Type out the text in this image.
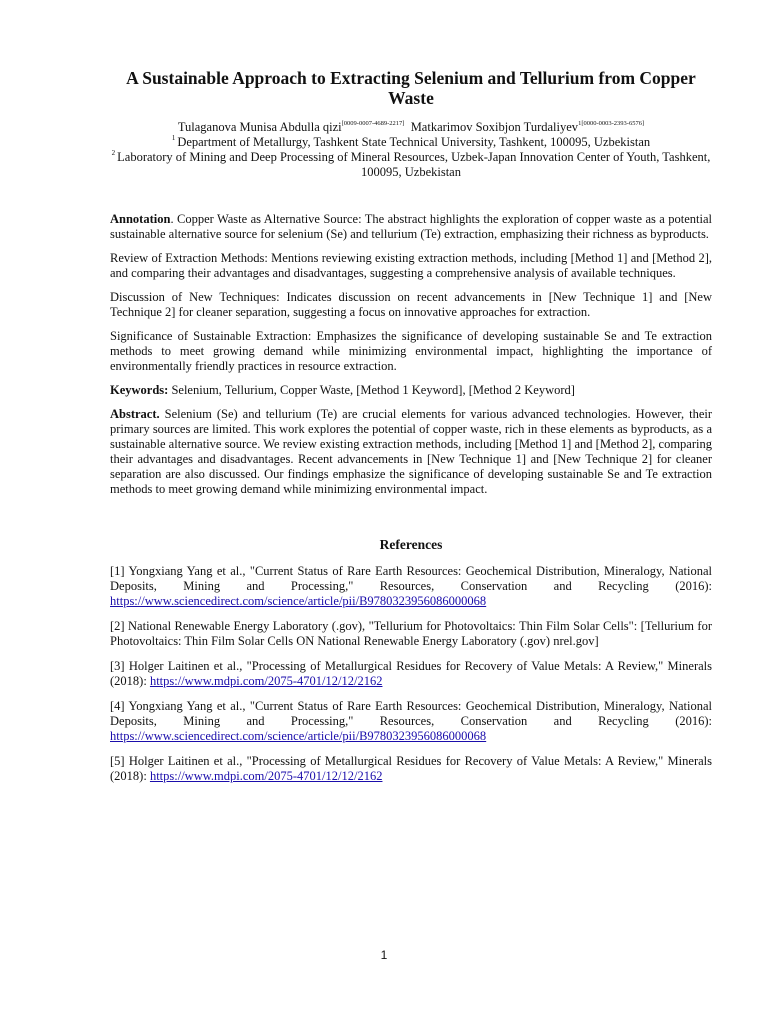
A Sustainable Approach to Extracting Selenium and Tellurium from Copper Waste
Tulaganova Munisa Abdulla qizi[0009-0007-4689-2217] Matkarimov Soxibjon Turdaliyev$^{1[0000-0003-2393-6576]}$
$^1$ Department of Metallurgy, Tashkent State Technical University, Tashkent, 100095, Uzbekistan
$^2$ Laboratory of Mining and Deep Processing of Mineral Resources, Uzbek-Japan Innovation Center of Youth, Tashkent, 100095, Uzbekistan

Annotation. Copper Waste as Alternative Source: The abstract highlights the exploration of copper waste as a potential sustainable alternative source for selenium (Se) and tellurium (Te) extraction, emphasizing their richness as byproducts.

Review of Extraction Methods: Mentions reviewing existing extraction methods, including [Method 1] and [Method 2], and comparing their advantages and disadvantages, suggesting a comprehensive analysis of available techniques.

Discussion of New Techniques: Indicates discussion on recent advancements in [New Technique 1] and [New Technique 2] for cleaner separation, suggesting a focus on innovative approaches for extraction.

Significance of Sustainable Extraction: Emphasizes the significance of developing sustainable Se and Te extraction methods to meet growing demand while minimizing environmental impact, highlighting the importance of environmentally friendly practices in resource extraction.

Keywords: Selenium, Tellurium, Copper Waste, [Method 1 Keyword], [Method 2 Keyword]

Abstract. Selenium (Se) and tellurium (Te) are crucial elements for various advanced technologies. However, their primary sources are limited. This work explores the potential of copper waste, rich in these elements as byproducts, as a sustainable alternative source. We review existing extraction methods, including [Method 1] and [Method 2], comparing their advantages and disadvantages. Recent advancements in [New Technique 1] and [New Technique 2] for cleaner separation are also discussed. Our findings emphasize the significance of developing sustainable Se and Te extraction methods to meet growing demand while minimizing environmental impact.

References

[1] Yongxiang Yang et al., "Current Status of Rare Earth Resources: Geochemical Distribution, Mineralogy, National Deposits, Mining and Processing," Resources, Conservation and Recycling (2016): https://www.sciencedirect.com/science/article/pii/B9780323956086000068

[2] National Renewable Energy Laboratory (.gov), "Tellurium for Photovoltaics: Thin Film Solar Cells": [Tellurium for Photovoltaics: Thin Film Solar Cells ON National Renewable Energy Laboratory (.gov) nrel.gov]

[3] Holger Laitinen et al., "Processing of Metallurgical Residues for Recovery of Value Metals: A Review," Minerals (2018): https://www.mdpi.com/2075-4701/12/12/2162

[4] Yongxiang Yang et al., "Current Status of Rare Earth Resources: Geochemical Distribution, Mineralogy, National Deposits, Mining and Processing," Resources, Conservation and Recycling (2016): https://www.sciencedirect.com/science/article/pii/B9780323956086000068

[5] Holger Laitinen et al., "Processing of Metallurgical Residues for Recovery of Value Metals: A Review," Minerals (2018): https://www.mdpi.com/2075-4701/12/12/2162

1
